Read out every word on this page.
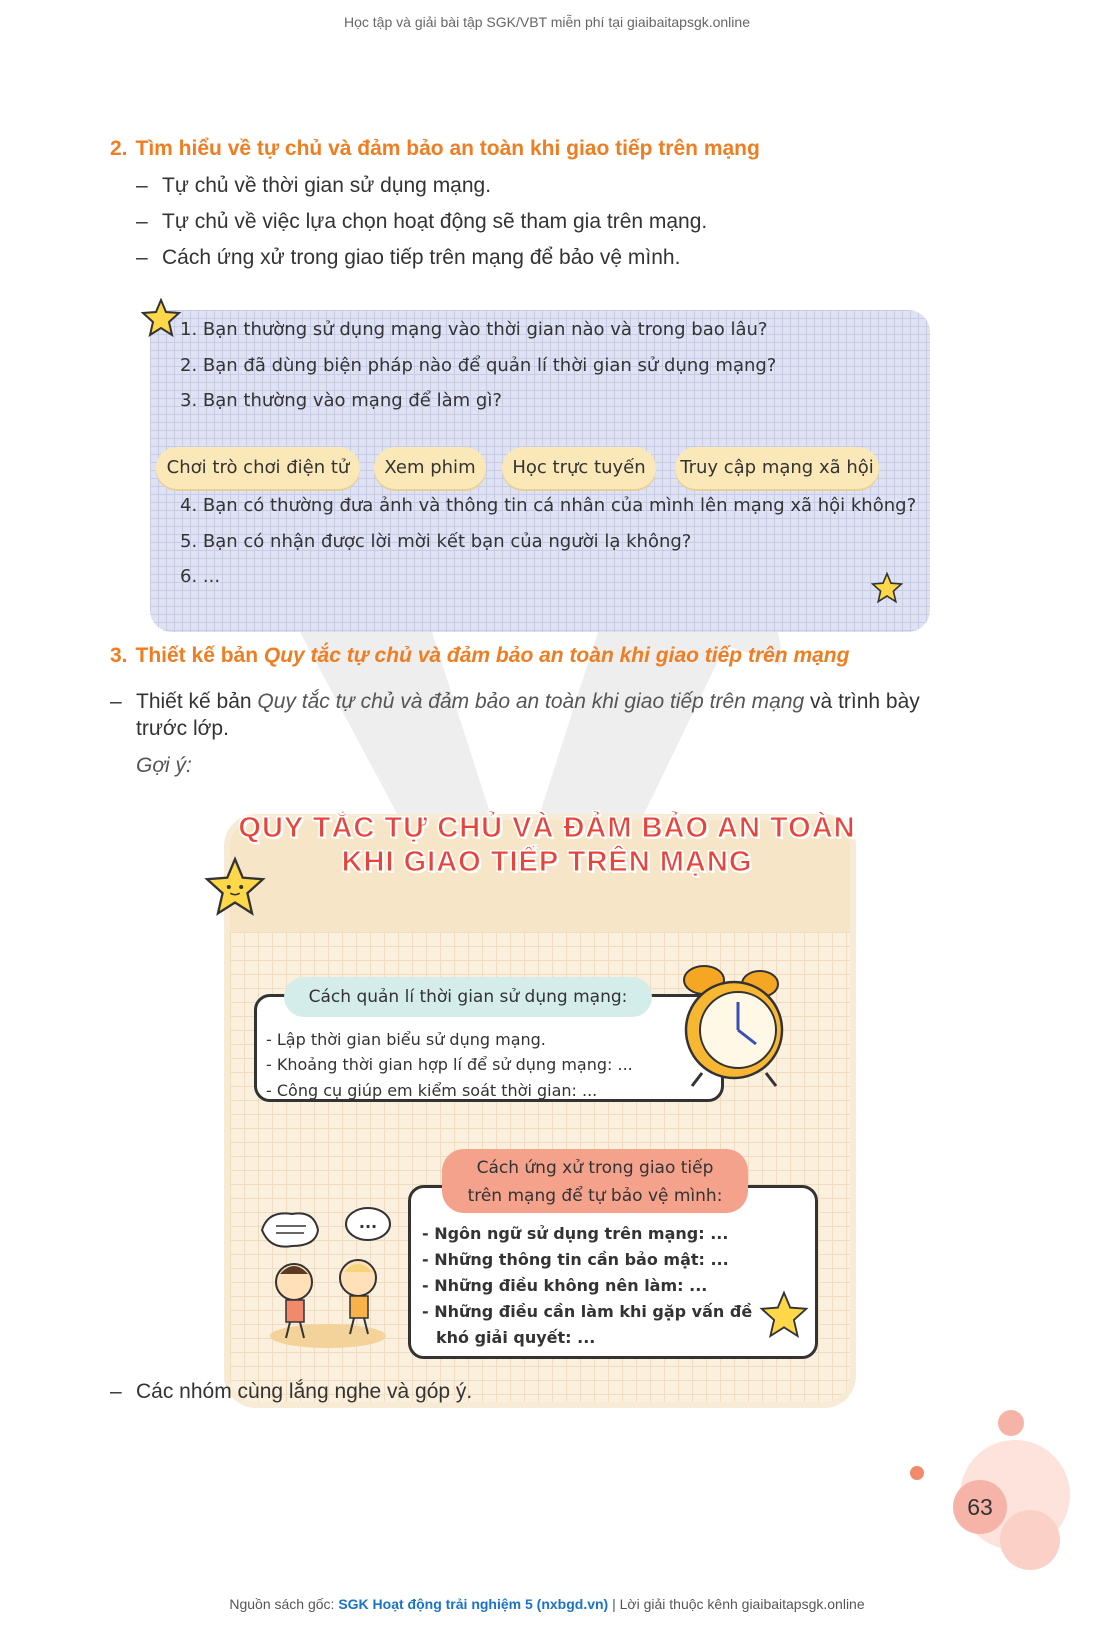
Học tập và giải bài tập SGK/VBT miễn phí tại giaibaitapsgk.online
2. Tìm hiểu về tự chủ và đảm bảo an toàn khi giao tiếp trên mạng
– Tự chủ về thời gian sử dụng mạng.
– Tự chủ về việc lựa chọn hoạt động sẽ tham gia trên mạng.
– Cách ứng xử trong giao tiếp trên mạng để bảo vệ mình.
1. Bạn thường sử dụng mạng vào thời gian nào và trong bao lâu?
2. Bạn đã dùng biện pháp nào để quản lí thời gian sử dụng mạng?
3. Bạn thường vào mạng để làm gì?
Chơi trò chơi điện tử	Xem phim	Học trực tuyến	Truy cập mạng xã hội
4. Bạn có thường đưa ảnh và thông tin cá nhân của mình lên mạng xã hội không?
5. Bạn có nhận được lời mời kết bạn của người lạ không?
6. ...
3. Thiết kế bản Quy tắc tự chủ và đảm bảo an toàn khi giao tiếp trên mạng
– Thiết kế bản Quy tắc tự chủ và đảm bảo an toàn khi giao tiếp trên mạng và trình bày
trước lớp.
Gợi ý:
QUY TẮC TỰ CHỦ VÀ ĐẢM BẢO AN TOÀN
KHI GIAO TIẾP TRÊN MẠNG
Cách quản lí thời gian sử dụng mạng:
- Lập thời gian biểu sử dụng mạng.
- Khoảng thời gian hợp lí để sử dụng mạng: ...
- Công cụ giúp em kiểm soát thời gian: ...
Cách ứng xử trong giao tiếp
trên mạng để tự bảo vệ mình:
- Ngôn ngữ sử dụng trên mạng: ...
- Những thông tin cần bảo mật: ...
- Những điều không nên làm: ...
- Những điều cần làm khi gặp vấn đề
khó giải quyết: ...
...
– Các nhóm cùng lắng nghe và góp ý.
63
Nguồn sách gốc: SGK Hoạt động trải nghiệm 5 (nxbgd.vn) | Lời giải thuộc kênh giaibaitapsgk.online
